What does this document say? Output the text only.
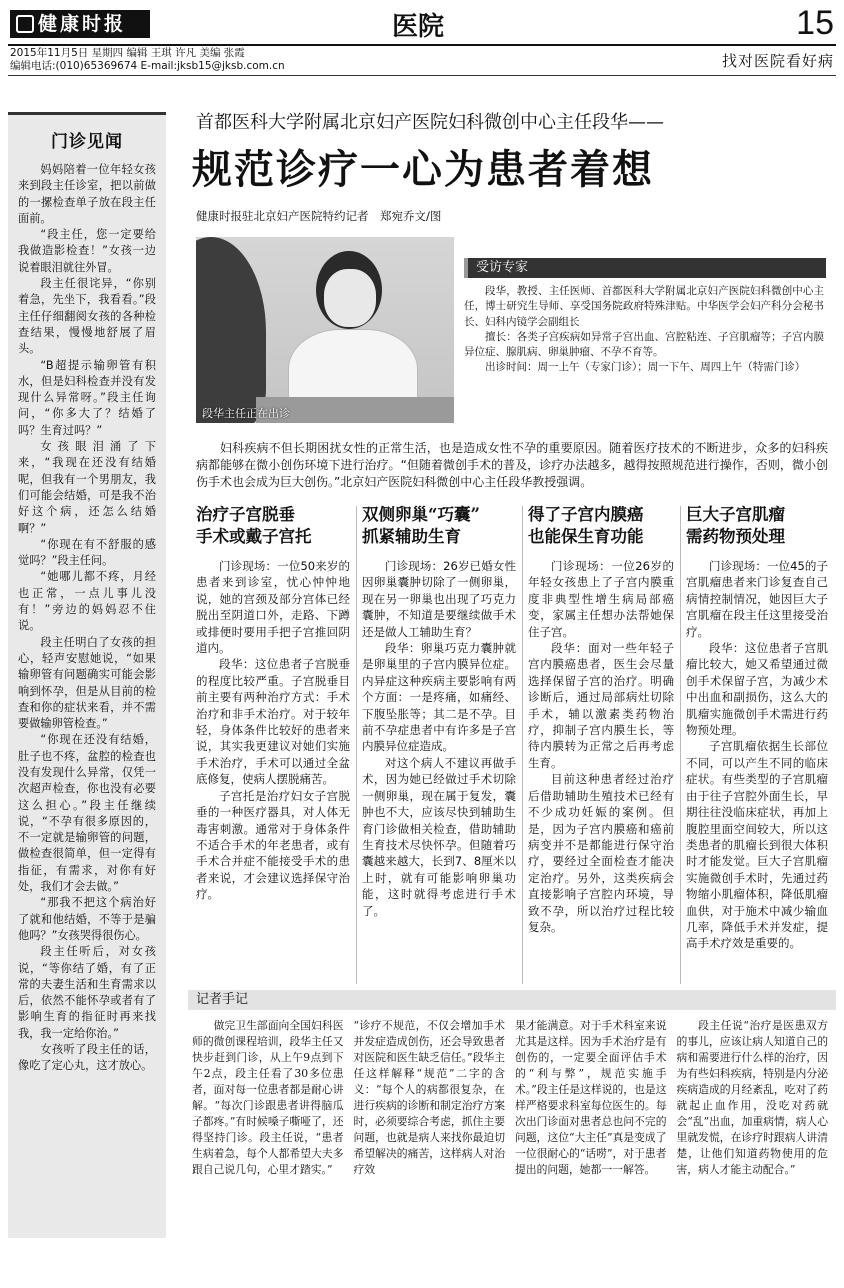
健康时报	医院	15
2015年11月5日 星期四 编辑 王琪 许凡 美编 张霞
编辑电话:(010)65369674 E-mail:jksb15@jksb.com.cn	找对医院看好病
门诊见闻

妈妈陪着一位年轻女孩来到段主任诊室，把以前做的一摞检查单子放在段主任面前。

“段主任，您一定要给我做造影检查！”女孩一边说着眼泪就往外冒。

段主任很诧异，“你别着急，先坐下，我看看。”段主任仔细翻阅女孩的各种检查结果，慢慢地舒展了眉头。

“B超提示输卵管有积水，但是妇科检查并没有发现什么异常呀。”段主任询问，“你多大了？结婚了吗？生育过吗？”

女孩眼泪涌了下来，“我现在还没有结婚呢，但我有一个男朋友，我们可能会结婚，可是我不治好这个病，还怎么结婚啊？”

“你现在有不舒服的感觉吗？”段主任问。

“她哪儿都不疼，月经也正常，一点儿事儿没有！”旁边的妈妈忍不住说。

段主任明白了女孩的担心，轻声安慰她说，“如果输卵管有问题确实可能会影响到怀孕，但是从目前的检查和你的症状来看，并不需要做输卵管检查。”

“你现在还没有结婚，肚子也不疼，盆腔的检查也没有发现什么异常，仅凭一次超声检查，你也没有必要这么担心。”段主任继续说，“不孕有很多原因的，不一定就是输卵管的问题，做检查很简单，但一定得有指征，有需求，对你有好处，我们才会去做。”

“那我不把这个病治好了就和他结婚，不等于是骗他吗？”女孩哭得很伤心。

段主任听后，对女孩说，“等你结了婚，有了正常的夫妻生活和生育需求以后，依然不能怀孕或者有了影响生育的指征时再来找我，我一定给你治。”

女孩听了段主任的话，像吃了定心丸，这才放心。

首都医科大学附属北京妇产医院妇科微创中心主任段华——
规范诊疗一心为患者着想
健康时报驻北京妇产医院特约记者　郑宛乔文/图
段华主任正在出诊
受访专家

段华，教授、主任医师、首都医科大学附属北京妇产医院妇科微创中心主任，博士研究生导师、享受国务院政府特殊津贴。中华医学会妇产科分会秘书长、妇科内镜学会副组长

擅长：各类子宫疾病如异常子宫出血、宫腔粘连、子宫肌瘤等；子宫内膜异位症、腺肌病、卵巢肿瘤、不孕不育等。

出诊时间：周一上午（专家门诊）；周一下午、周四上午（特需门诊）

妇科疾病不但长期困扰女性的正常生活，也是造成女性不孕的重要原因。随着医疗技术的不断进步，众多的妇科疾病都能够在微小创伤环境下进行治疗。“但随着微创手术的普及，诊疗办法越多，越得按照规范进行操作，否则，微小创伤手术也会成为巨大创伤。”北京妇产医院妇科微创中心主任段华教授强调。

治疗子宫脱垂
手术或戴子宫托

门诊现场：一位50来岁的患者来到诊室，忧心忡忡地说，她的宫颈及部分宫体已经脱出至阴道口外，走路、下蹲或排便时要用手把子宫推回阴道内。

段华：这位患者子宫脱垂的程度比较严重。子宫脱垂目前主要有两种治疗方式：手术治疗和非手术治疗。对于较年轻，身体条件比较好的患者来说，其实我更建议对她们实施手术治疗，手术可以通过全盆底修复，使病人摆脱痛苦。

子宫托是治疗妇女子宫脱垂的一种医疗器具，对人体无毒害刺激。通常对于身体条件不适合手术的年老患者，或有手术合并症不能接受手术的患者来说，才会建议选择保守治疗。

双侧卵巢“巧囊”
抓紧辅助生育

门诊现场：26岁已婚女性因卵巢囊肿切除了一侧卵巢，现在另一卵巢也出现了巧克力囊肿，不知道是要继续做手术还是做人工辅助生育？

段华：卵巢巧克力囊肿就是卵巢里的子宫内膜异位症。内异症这种疾病主要影响有两个方面：一是疼痛，如痛经、下腹坠胀等；其二是不孕。目前不孕症患者中有许多是子宫内膜异位症造成。

对这个病人不建议再做手术，因为她已经做过手术切除一侧卵巢，现在属于复发，囊肿也不大，应该尽快到辅助生育门诊做相关检查，借助辅助生育技术尽快怀孕。但随着巧囊越来越大，长到7、8厘米以上时，就有可能影响卵巢功能，这时就得考虑进行手术了。

得了子宫内膜癌
也能保生育功能

门诊现场：一位26岁的年轻女孩患上了子宫内膜重度非典型性增生病局部癌变，家属主任想办法帮她保住子宫。

段华：面对一些年轻子宫内膜癌患者，医生会尽量选择保留子宫的治疗。明确诊断后，通过局部病灶切除手术，辅以激素类药物治疗，抑制子宫内膜生长，等待内膜转为正常之后再考虑生育。

目前这种患者经过治疗后借助辅助生殖技术已经有不少成功妊娠的案例。但是，因为子宫内膜癌和癌前病变并不是都能进行保守治疗，要经过全面检查才能决定治疗。另外，这类疾病会直接影响子宫腔内环境，导致不孕，所以治疗过程比较复杂。

巨大子宫肌瘤
需药物预处理

门诊现场：一位45的子宫肌瘤患者来门诊复查自己病情控制情况，她因巨大子宫肌瘤在段主任这里接受治疗。

段华：这位患者子宫肌瘤比较大，她又希望通过微创手术保留子宫，为减少术中出血和副损伤，这么大的肌瘤实施微创手术需进行药物预处理。

子宫肌瘤依据生长部位不同，可以产生不同的临床症状。有些类型的子宫肌瘤由于往子宫腔外面生长，早期往往没临床症状，再加上腹腔里面空间较大，所以这类患者的肌瘤长到很大体积时才能发觉。巨大子宫肌瘤实施微创手术时，先通过药物缩小肌瘤体积，降低肌瘤血供，对于施术中减少输血几率，降低手术并发症，提高手术疗效是重要的。

记者手记

做完卫生部面向全国妇科医师的微创课程培训，段华主任又快步赶到门诊，从上午9点到下午2点，段主任看了30多位患者，面对每一位患者都是耐心讲解。“每次门诊跟患者讲得脑瓜子都疼。”有时候嗓子嘶哑了，还得坚持门诊。段主任说，“患者生病着急，每个人都希望大夫多跟自己说几句，心里才踏实。”

“诊疗不规范，不仅会增加手术并发症造成创伤，还会导致患者对医院和医生缺乏信任。”段华主任这样解释“规范”二字的含义：“每个人的病都很复杂，在进行疾病的诊断和制定治疗方案时，必须要综合考虑，抓住主要问题，也就是病人来找你最迫切希望解决的痛苦，这样病人对治疗效

果才能满意。对于手术科室来说尤其是这样。因为手术治疗是有创伤的，一定要全面评估手术的“利与弊”，规范实施手术。”段主任是这样说的，也是这样严格要求科室每位医生的。每次出门诊面对患者总也问不完的问题，这位“大主任”真是变成了一位很耐心的“话唠”，对于患者提出的问题，她都一一解答。

段主任说“治疗是医患双方的事儿，应该让病人知道自己的病和需要进行什么样的治疗，因为有些妇科疾病，特别是内分泌疾病造成的月经紊乱，吃对了药就起止血作用，没吃对药就会“乱”出血，加重病情，病人心里就发慌，在诊疗时跟病人讲清楚，让他们知道药物使用的危害，病人才能主动配合。”
